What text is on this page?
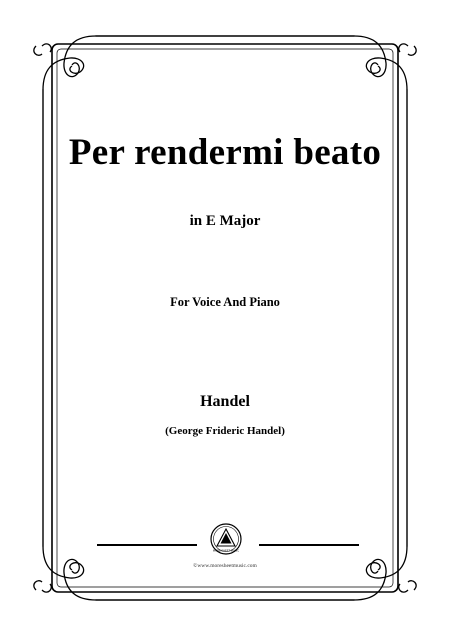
Per rendermi beato
in E Major
For Voice And Piano
Handel
(George Frideric Handel)
MORE SHEET MUSIC
©www.moresheetmusic.com
